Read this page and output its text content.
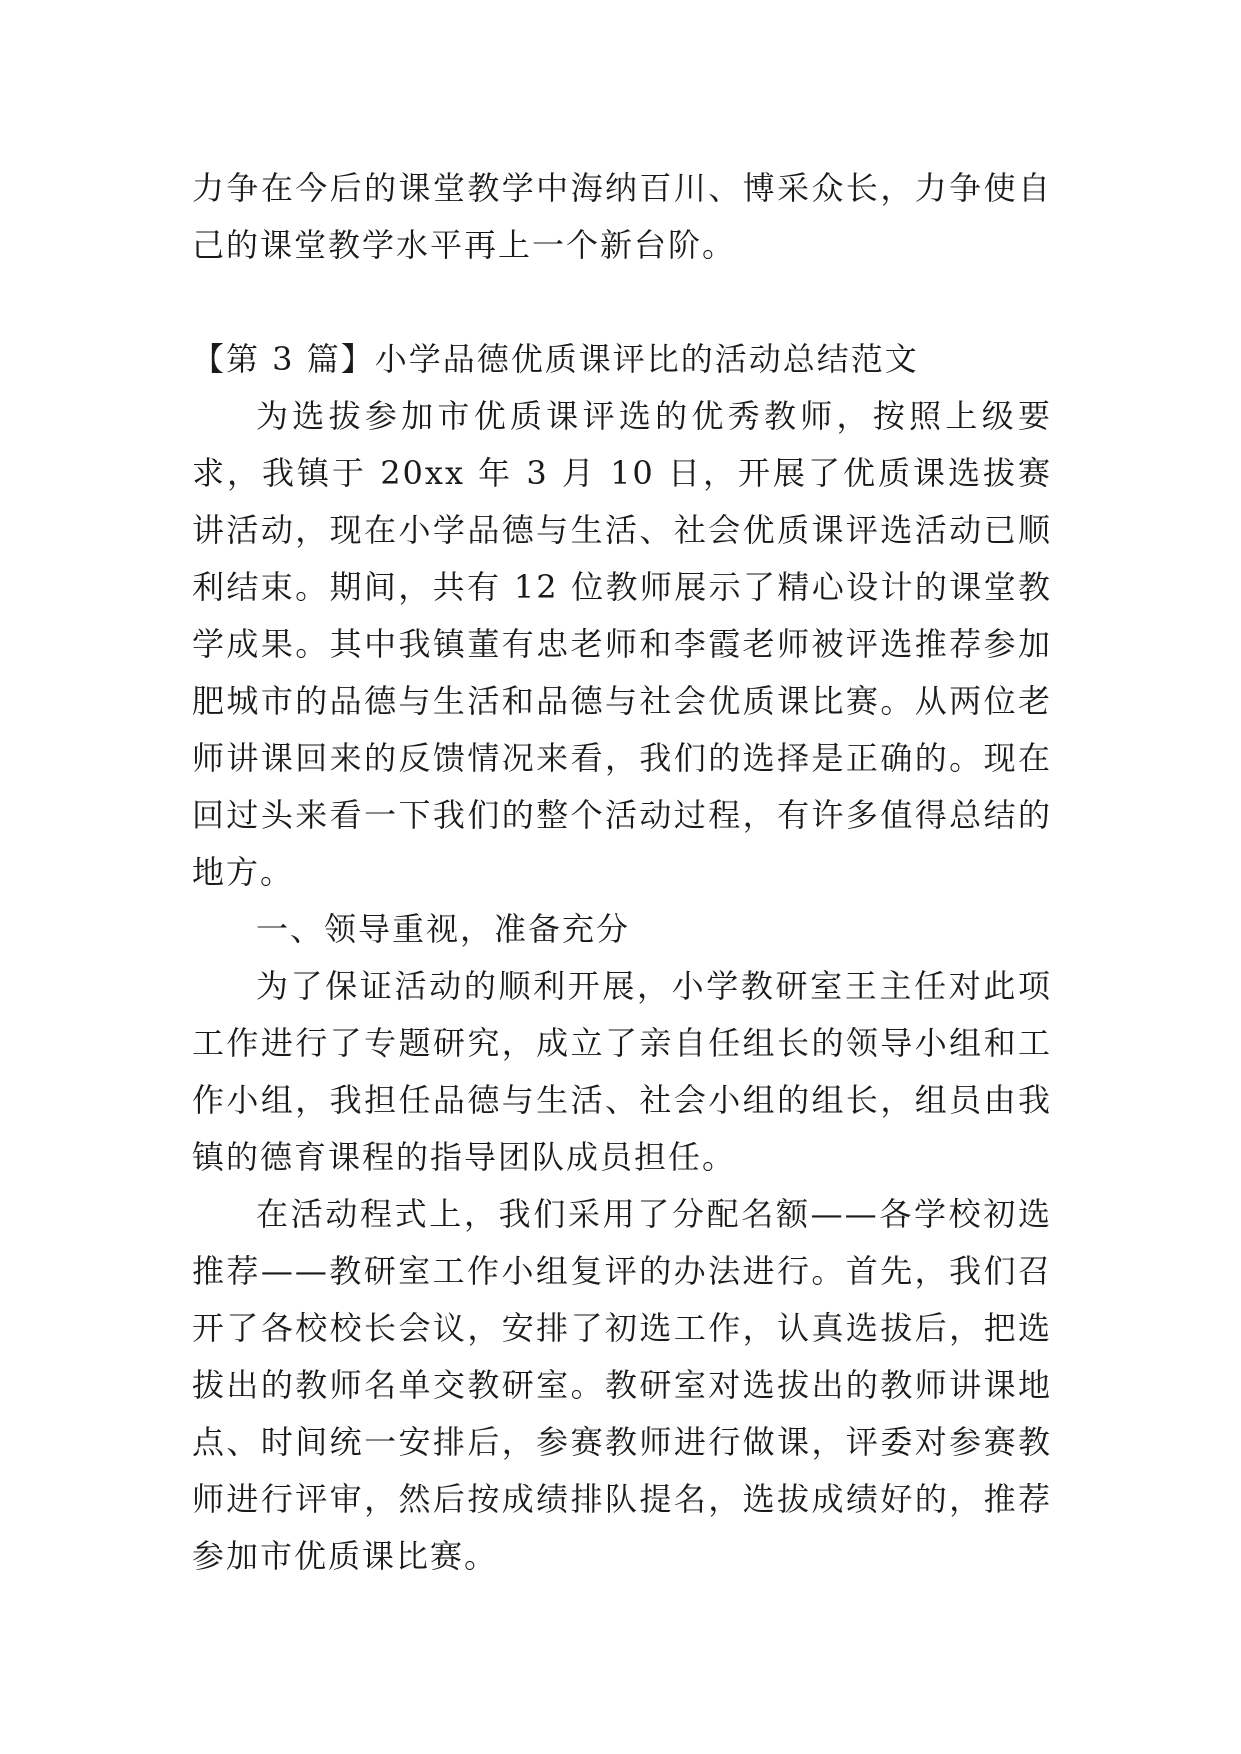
力争在今后的课堂教学中海纳百川、博采众长，力争使自己的课堂教学水平再上一个新台阶。

【第 3 篇】小学品德优质课评比的活动总结范文

为选拔参加市优质课评选的优秀教师，按照上级要求，我镇于 20xx 年 3 月 10 日，开展了优质课选拔赛讲活动，现在小学品德与生活、社会优质课评选活动已顺利结束。期间，共有 12 位教师展示了精心设计的课堂教学成果。其中我镇董有忠老师和李霞老师被评选推荐参加肥城市的品德与生活和品德与社会优质课比赛。从两位老师讲课回来的反馈情况来看，我们的选择是正确的。现在回过头来看一下我们的整个活动过程，有许多值得总结的地方。

一、领导重视，准备充分

为了保证活动的顺利开展，小学教研室王主任对此项工作进行了专题研究，成立了亲自任组长的领导小组和工作小组，我担任品德与生活、社会小组的组长，组员由我镇的德育课程的指导团队成员担任。

在活动程式上，我们采用了分配名额——各学校初选推荐——教研室工作小组复评的办法进行。首先，我们召开了各校校长会议，安排了初选工作，认真选拔后，把选拔出的教师名单交教研室。教研室对选拔出的教师讲课地点、时间统一安排后，参赛教师进行做课，评委对参赛教师进行评审，然后按成绩排队提名，选拔成绩好的，推荐参加市优质课比赛。
